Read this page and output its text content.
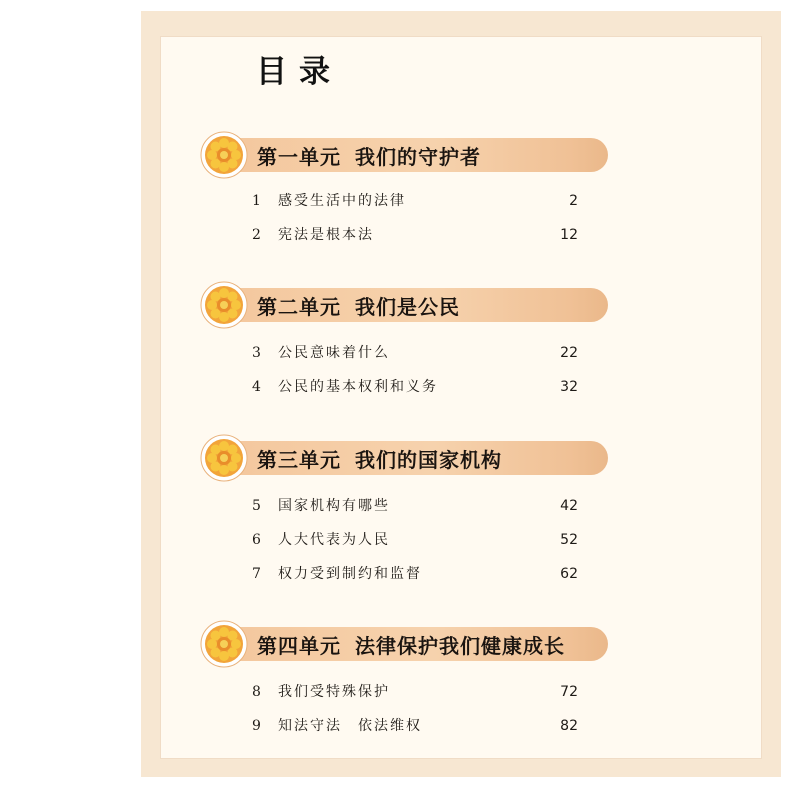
目录
第一单元 我们的守护者
1 感受生活中的法律	2
2 宪法是根本法	12
第二单元 我们是公民
3 公民意味着什么	22
4 公民的基本权利和义务	32
第三单元 我们的国家机构
5 国家机构有哪些	42
6 人大代表为人民	52
7 权力受到制约和监督	62
第四单元 法律保护我们健康成长
8 我们受特殊保护	72
9 知法守法　依法维权	82
